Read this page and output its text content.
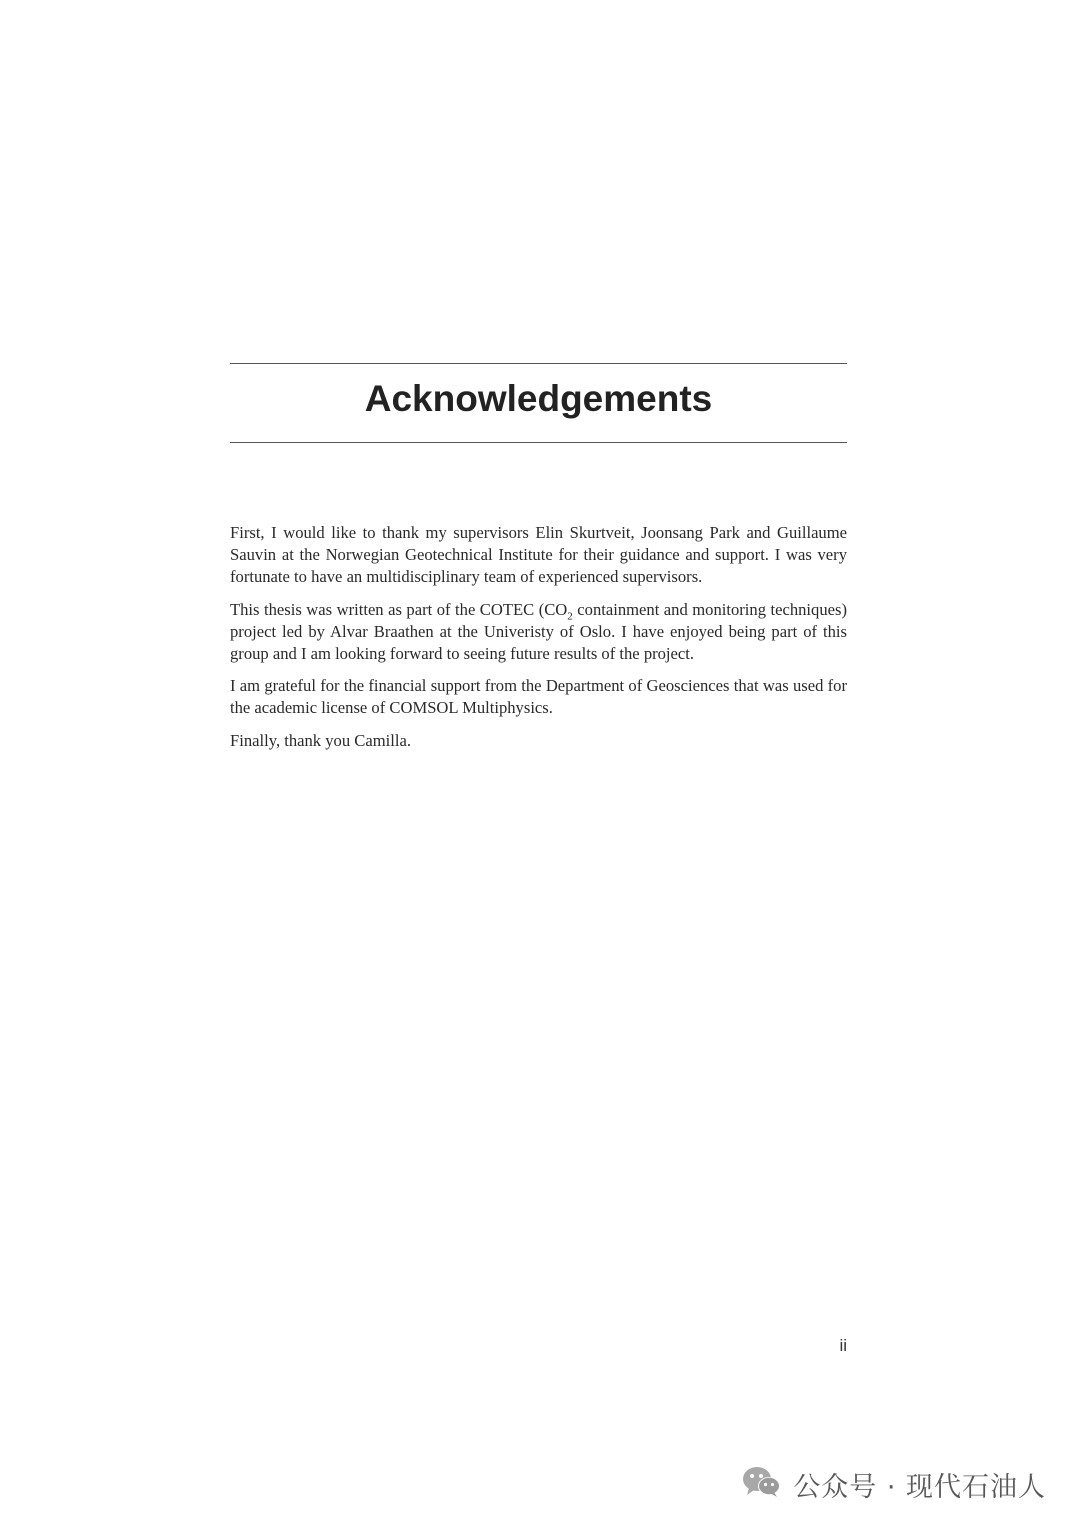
Acknowledgements

First, I would like to thank my supervisors Elin Skurtveit, Joonsang Park and Guillaume Sauvin at the Norwegian Geotechnical Institute for their guidance and support. I was very fortunate to have an multidisciplinary team of experienced supervisors.

This thesis was written as part of the COTEC ($CO_2$ containment and monitoring techniques) project led by Alvar Braathen at the Univeristy of Oslo. I have enjoyed being part of this group and I am looking forward to seeing future results of the project.

I am grateful for the financial support from the Department of Geosciences that was used for the academic license of COMSOL Multiphysics.

Finally, thank you Camilla.

ii
公众号 · 现代石油人
